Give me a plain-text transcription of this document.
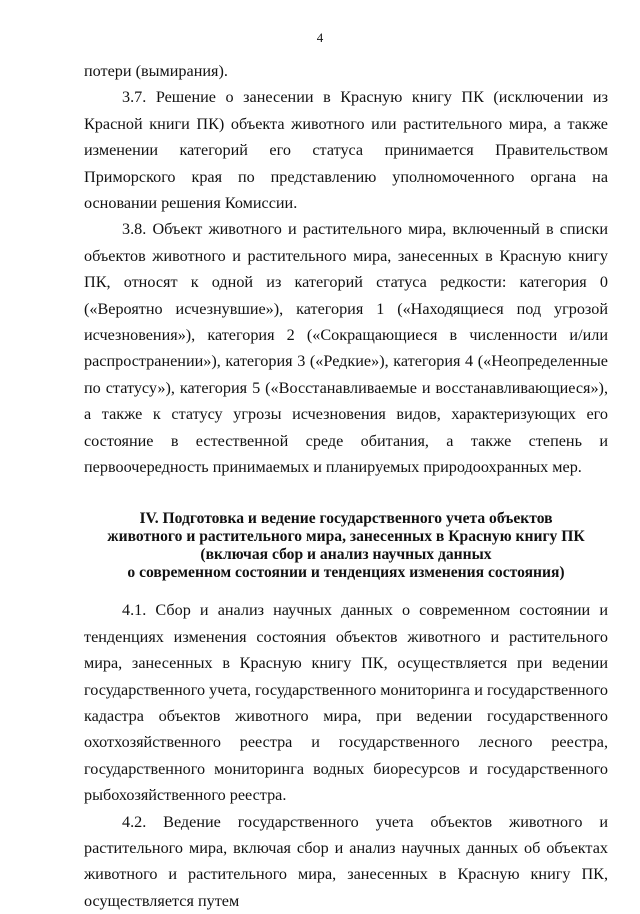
4

потери (вымирания).

3.7. Решение о занесении в Красную книгу ПК (исключении из Красной книги ПК) объекта животного или растительного мира, а также изменении категорий его статуса принимается Правительством Приморского края по представлению уполномоченного органа на основании решения Комиссии.

3.8. Объект животного и растительного мира, включенный в списки объектов животного и растительного мира, занесенных в Красную книгу ПК, относят к одной из категорий статуса редкости: категория 0 («Вероятно исчезнувшие»), категория 1 («Находящиеся под угрозой исчезновения»), категория 2 («Сокращающиеся в численности и/или распространении»), категория 3 («Редкие»), категория 4 («Неопределенные по статусу»), категория 5 («Восстанавливаемые и восстанавливающиеся»), а также к статусу угрозы исчезновения видов, характеризующих его состояние в естественной среде обитания, а также степень и первоочередность принимаемых и планируемых природоохранных мер.

IV. Подготовка и ведение государственного учета объектов
животного и растительного мира, занесенных в Красную книгу ПК
(включая сбор и анализ научных данных
о современном состоянии и тенденциях изменения состояния)

4.1. Сбор и анализ научных данных о современном состоянии и тенденциях изменения состояния объектов животного и растительного мира, занесенных в Красную книгу ПК, осуществляется при ведении государственного учета, государственного мониторинга и государственного кадастра объектов животного мира, при ведении государственного охотхозяйственного реестра и государственного лесного реестра, государственного мониторинга водных биоресурсов и государственного рыбохозяйственного реестра.

4.2. Ведение государственного учета объектов животного и растительного мира, включая сбор и анализ научных данных об объектах животного и растительного мира, занесенных в Красную книгу ПК, осуществляется путем
